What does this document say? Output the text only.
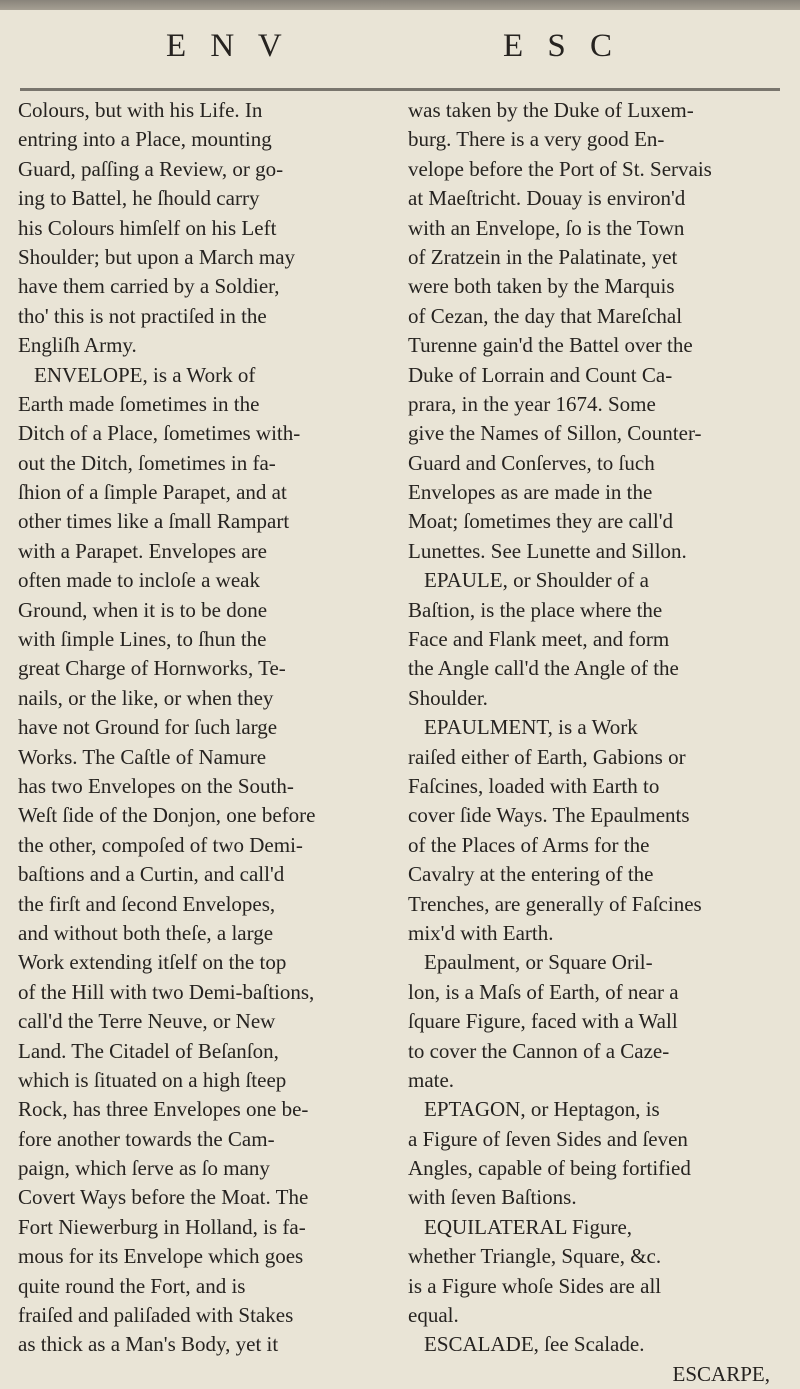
E N V	E S C
Colours, but with his Life. In
entring into a Place, mounting
Guard, paſſing a Review, or go-
ing to Battel, he ſhould carry
his Colours himſelf on his Left
Shoulder; but upon a March may
have them carried by a Soldier,
tho' this is not practiſed in the
Engliſh Army.
ENVELOPE, is a Work of
Earth made ſometimes in the
Ditch of a Place, ſometimes with-
out the Ditch, ſometimes in fa-
ſhion of a ſimple Parapet, and at
other times like a ſmall Rampart
with a Parapet. Envelopes are
often made to incloſe a weak
Ground, when it is to be done
with ſimple Lines, to ſhun the
great Charge of Hornworks, Te-
nails, or the like, or when they
have not Ground for ſuch large
Works. The Caſtle of Namure
has two Envelopes on the South-
Weſt ſide of the Donjon, one before
the other, compoſed of two Demi-
baſtions and a Curtin, and call'd
the firſt and ſecond Envelopes,
and without both theſe, a large
Work extending itſelf on the top
of the Hill with two Demi-baſtions,
call'd the Terre Neuve, or New
Land. The Citadel of Beſanſon,
which is ſituated on a high ſteep
Rock, has three Envelopes one be-
fore another towards the Cam-
paign, which ſerve as ſo many
Covert Ways before the Moat. The
Fort Niewerburg in Holland, is fa-
mous for its Envelope which goes
quite round the Fort, and is
fraiſed and paliſaded with Stakes
as thick as a Man's Body, yet it
was taken by the Duke of Luxem-
burg. There is a very good En-
velope before the Port of St. Servais
at Maeſtricht. Douay is environ'd
with an Envelope, ſo is the Town
of Zratzein in the Palatinate, yet
were both taken by the Marquis
of Cezan, the day that Mareſchal
Turenne gain'd the Battel over the
Duke of Lorrain and Count Ca-
prara, in the year 1674. Some
give the Names of Sillon, Counter-
Guard and Conſerves, to ſuch
Envelopes as are made in the
Moat; ſometimes they are call'd
Lunettes. See Lunette and Sillon.
EPAULE, or Shoulder of a
Baſtion, is the place where the
Face and Flank meet, and form
the Angle call'd the Angle of the
Shoulder.
EPAULMENT, is a Work
raiſed either of Earth, Gabions or
Faſcines, loaded with Earth to
cover ſide Ways. The Epaulments
of the Places of Arms for the
Cavalry at the entering of the
Trenches, are generally of Faſcines
mix'd with Earth.
Epaulment, or Square Oril-
lon, is a Maſs of Earth, of near a
ſquare Figure, faced with a Wall
to cover the Cannon of a Caze-
mate.
EPTAGON, or Heptagon, is
a Figure of ſeven Sides and ſeven
Angles, capable of being fortified
with ſeven Baſtions.
EQUILATERAL Figure,
whether Triangle, Square, &c.
is a Figure whoſe Sides are all
equal.
ESCALADE, ſee Scalade.
ESCARPE,
